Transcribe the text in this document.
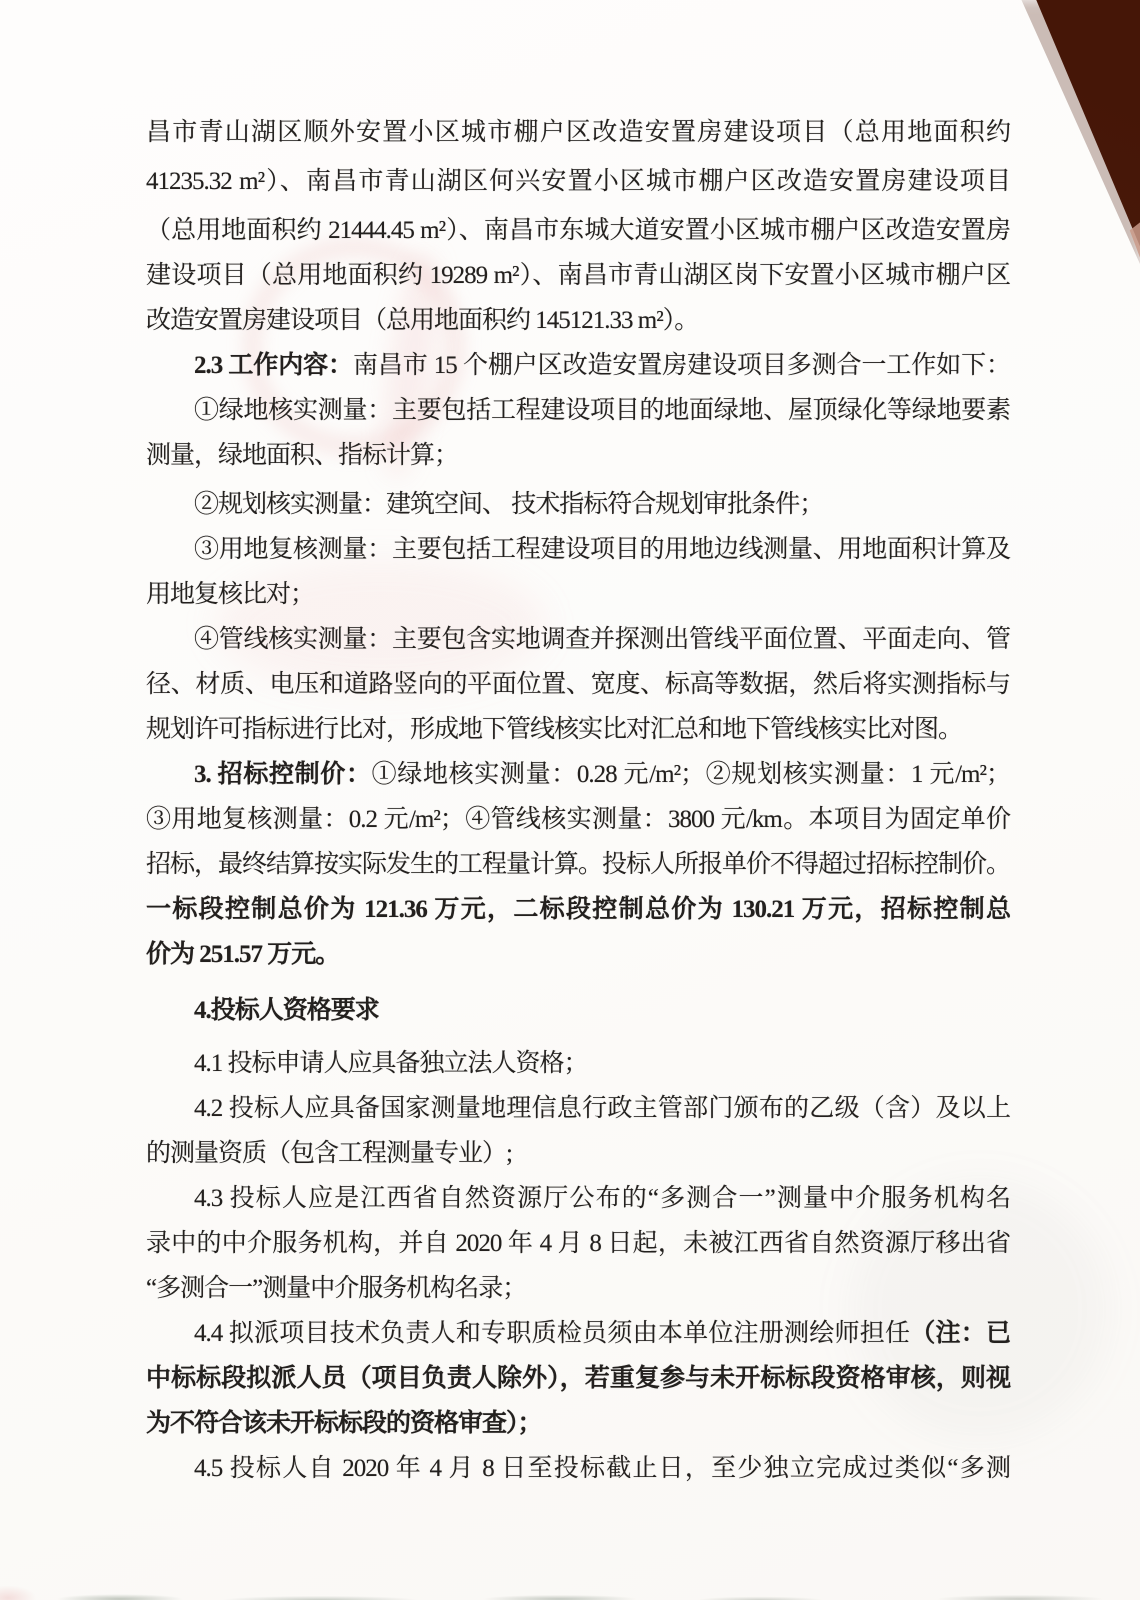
昌市青山湖区顺外安置小区城市棚户区改造安置房建设项目（总用地面积约
41235.32 m²）、南昌市青山湖区何兴安置小区城市棚户区改造安置房建设项目
（总用地面积约 21444.45 m²）、南昌市东城大道安置小区城市棚户区改造安置房
建设项目（总用地面积约 19289 m²）、南昌市青山湖区岗下安置小区城市棚户区
改造安置房建设项目（总用地面积约 145121.33 m²）。
2.3 工作内容：南昌市 15 个棚户区改造安置房建设项目多测合一工作如下：
①绿地核实测量：主要包括工程建设项目的地面绿地、屋顶绿化等绿地要素
测量，绿地面积、指标计算；
②规划核实测量：建筑空间、 技术指标符合规划审批条件；
③用地复核测量：主要包括工程建设项目的用地边线测量、用地面积计算及
用地复核比对；
④管线核实测量：主要包含实地调查并探测出管线平面位置、平面走向、管
径、材质、电压和道路竖向的平面位置、宽度、标高等数据，然后将实测指标与
规划许可指标进行比对，形成地下管线核实比对汇总和地下管线核实比对图。
3. 招标控制价：①绿地核实测量：0.28 元/m²；②规划核实测量：1 元/m²；
③用地复核测量：0.2 元/m²；④管线核实测量：3800 元/km。本项目为固定单价
招标，最终结算按实际发生的工程量计算。投标人所报单价不得超过招标控制价。
一标段控制总价为 121.36 万元，二标段控制总价为 130.21 万元，招标控制总
价为 251.57 万元。
4.投标人资格要求
4.1 投标申请人应具备独立法人资格；
4.2 投标人应具备国家测量地理信息行政主管部门颁布的乙级（含）及以上
的测量资质（包含工程测量专业）;
4.3 投标人应是江西省自然资源厅公布的“多测合一”测量中介服务机构名
录中的中介服务机构，并自 2020 年 4 月 8 日起，未被江西省自然资源厅移出省
“多测合一”测量中介服务机构名录；
4.4 拟派项目技术负责人和专职质检员须由本单位注册测绘师担任（注：已
中标标段拟派人员（项目负责人除外），若重复参与未开标标段资格审核，则视
为不符合该未开标标段的资格审查）；
4.5 投标人自 2020 年 4 月 8 日至投标截止日，至少独立完成过类似“多测
